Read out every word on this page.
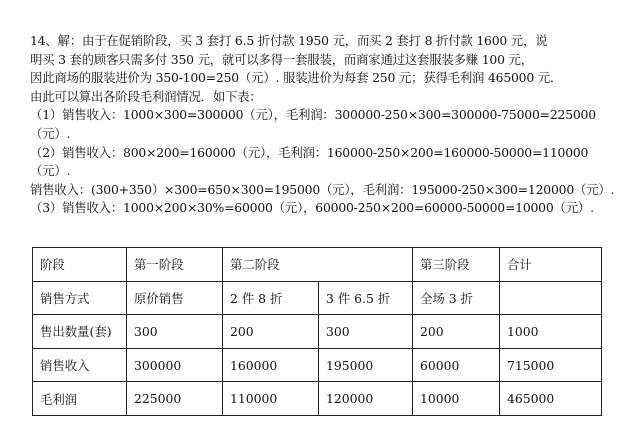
14、解：由于在促销阶段，买 3 套打 6.5 折付款 1950 元，而买 2 套打 8 折付款 1600 元，说
明买 3 套的顾客只需多付 350 元，就可以多得一套服装，而商家通过这套服装多赚 100 元，
因此商场的服装进价为 350-100=250（元）. 服装进价为每套 250 元；获得毛利润 465000 元．
由此可以算出各阶段毛利润情况．如下表：
（1）销售收入：1000×300=300000（元），毛利润：300000-250×300=300000-75000=225000
（元）.
（2）销售收入：800×200=160000（元），毛利润：160000-250×200=160000-50000=110000
（元）.
销售收入：(300+350）×300=650×300=195000（元），毛利润：195000-250×300=120000（元）.
（3）销售收入：1000×200×30%=60000（元），60000-250×200=60000-50000=10000（元）.
阶段	第一阶段	第二阶段		第三阶段	合计
销售方式	原价销售	2 件 8 折	3 件 6.5 折	全场 3 折	
售出数量(套)	300	200	300	200	1000
销售收入	300000	160000	195000	60000	715000
毛利润	225000	110000	120000	10000	465000
